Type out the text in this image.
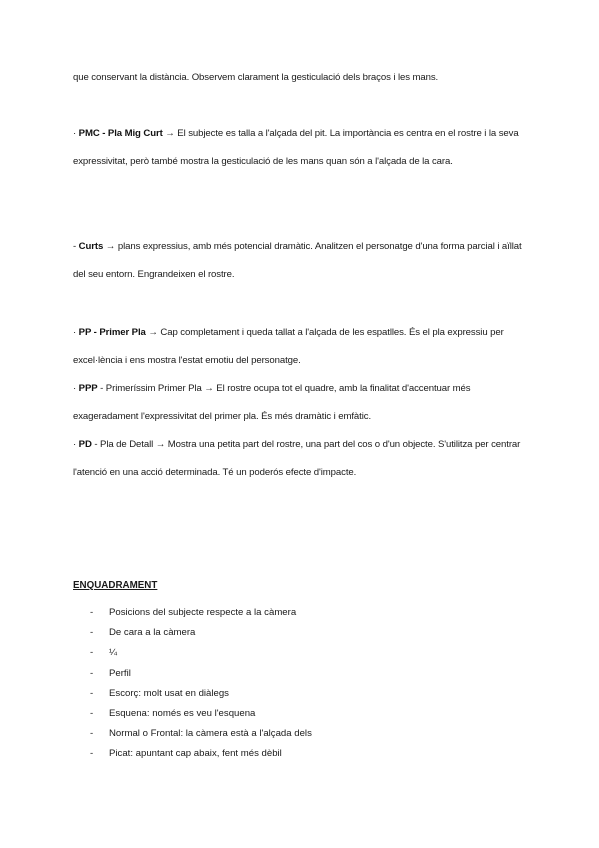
que conservant la distància. Observem clarament la gesticulació dels braços i les mans.

· PMC - Pla Mig Curt → El subjecte es talla a l'alçada del pit. La importància es centra en el rostre i la seva expressivitat, però també mostra la gesticulació de les mans quan són a l'alçada de la cara.
- Curts → plans expressius, amb més potencial dramàtic. Analitzen el personatge d'una forma parcial i aïllat del seu entorn. Engrandeixen el rostre.
· PP - Primer Pla → Cap completament i queda tallat a l'alçada de les espatlles. És el pla expressiu per excel·lència i ens mostra l'estat emotiu del personatge.
· PPP - Primeríssim Primer Pla → El rostre ocupa tot el quadre, amb la finalitat d'accentuar més exageradament l'expressivitat del primer pla. És més dramàtic i emfàtic.
· PD - Pla de Detall → Mostra una petita part del rostre, una part del cos o d'un objecte. S'utilitza per centrar l'atenció en una acció determinada. Té un poderós efecte d'impacte.
ENQUADRAMENT
- Posicions del subjecte respecte a la càmera
- De cara a la càmera
- ¼
- Perfil
- Escorç: molt usat en diàlegs
- Esquena: només es veu l'esquena
- Normal o Frontal: la càmera està a l'alçada dels
- Picat: apuntant cap abaix, fent més dèbil
